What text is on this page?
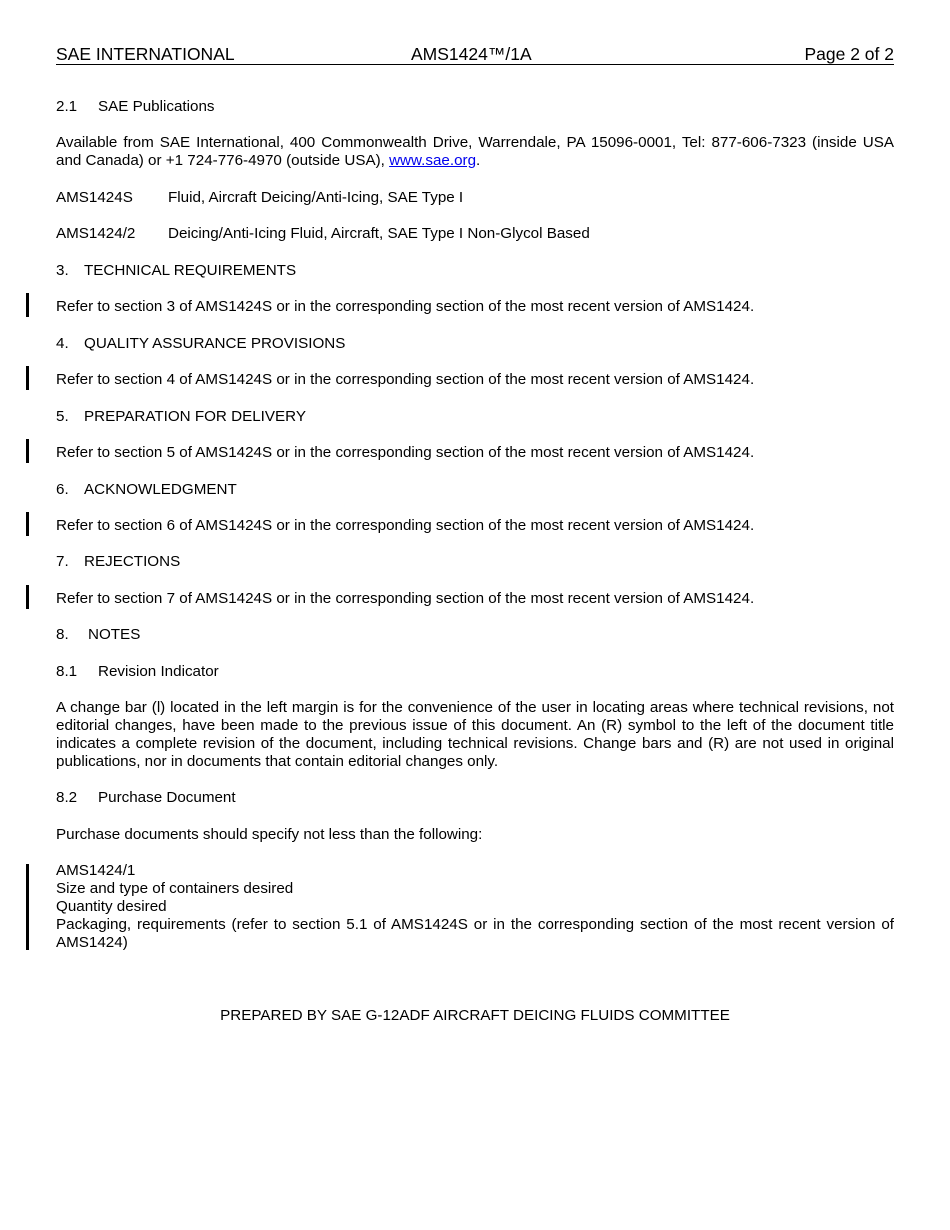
SAE INTERNATIONAL	AMS1424™/1A	Page 2 of 2
2.1 SAE Publications
Available from SAE International, 400 Commonwealth Drive, Warrendale, PA 15096-0001, Tel: 877-606-7323 (inside USA and Canada) or +1 724-776-4970 (outside USA), www.sae.org.
AMS1424S Fluid, Aircraft Deicing/Anti-Icing, SAE Type I
AMS1424/2 Deicing/Anti-Icing Fluid, Aircraft, SAE Type I Non-Glycol Based
3. TECHNICAL REQUIREMENTS
Refer to section 3 of AMS1424S or in the corresponding section of the most recent version of AMS1424.
4. QUALITY ASSURANCE PROVISIONS
Refer to section 4 of AMS1424S or in the corresponding section of the most recent version of AMS1424.
5. PREPARATION FOR DELIVERY
Refer to section 5 of AMS1424S or in the corresponding section of the most recent version of AMS1424.
6. ACKNOWLEDGMENT
Refer to section 6 of AMS1424S or in the corresponding section of the most recent version of AMS1424.
7. REJECTIONS
Refer to section 7 of AMS1424S or in the corresponding section of the most recent version of AMS1424.
8. NOTES
8.1 Revision Indicator
A change bar (l) located in the left margin is for the convenience of the user in locating areas where technical revisions, not editorial changes, have been made to the previous issue of this document. An (R) symbol to the left of the document title indicates a complete revision of the document, including technical revisions. Change bars and (R) are not used in original publications, nor in documents that contain editorial changes only.
8.2 Purchase Document
Purchase documents should specify not less than the following:
AMS1424/1
Size and type of containers desired
Quantity desired
Packaging, requirements (refer to section 5.1 of AMS1424S or in the corresponding section of the most recent version of AMS1424)
PREPARED BY SAE G-12ADF AIRCRAFT DEICING FLUIDS COMMITTEE
